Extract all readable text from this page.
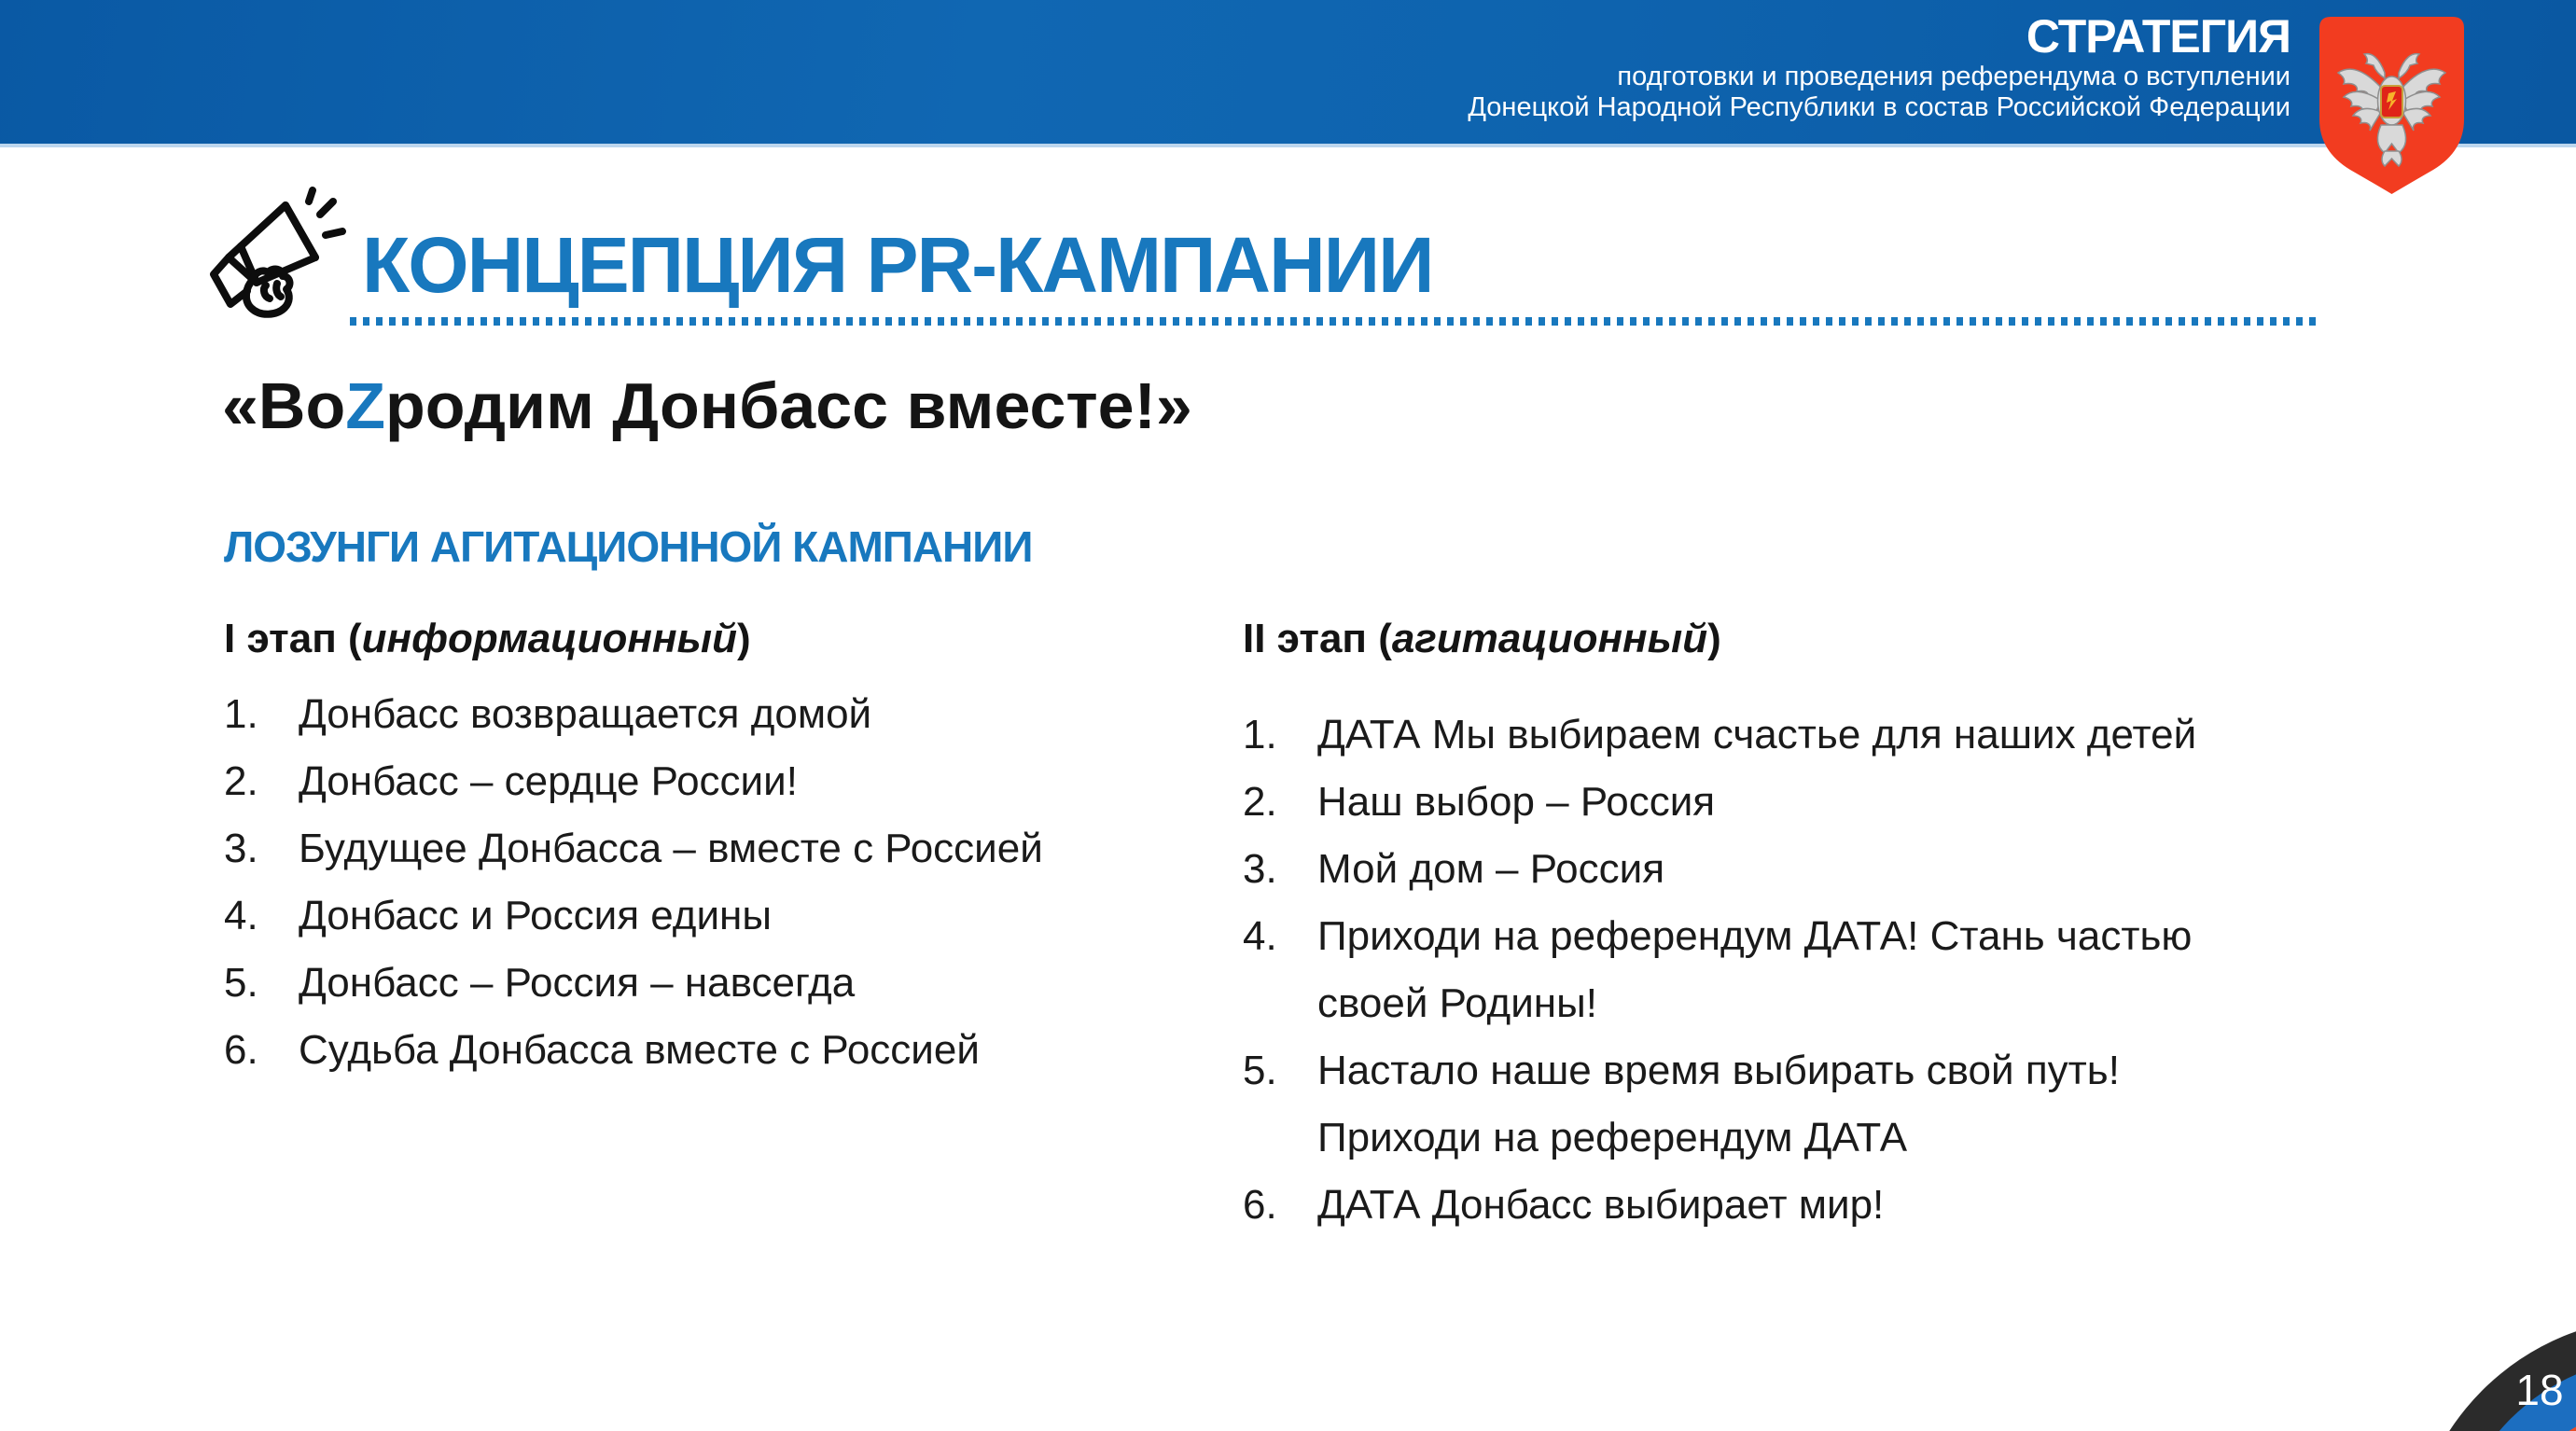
СТРАТЕГИЯ
подготовки и проведения референдума о вступлении
Донецкой Народной Республики в состав Российской Федерации
КОНЦЕПЦИЯ PR-КАМПАНИИ
«ВоZродим Донбасс вместе!»
ЛОЗУНГИ АГИТАЦИОННОЙ КАМПАНИИ
I этап (информационный)	II этап (агитационный)
1. Донбасс возвращается домой
2. Донбасс – сердце России!
3. Будущее Донбасса – вместе с Россией
4. Донбасс и Россия едины
5. Донбасс – Россия – навсегда
6. Судьба Донбасса вместе с Россией
1. ДАТА Мы выбираем счастье для наших детей
2. Наш выбор – Россия
3. Мой дом – Россия
4. Приходи на референдум ДАТА! Стань частью своей Родины!
5. Настало наше время выбирать свой путь! Приходи на референдум ДАТА
6. ДАТА Донбасс выбирает мир!
18
